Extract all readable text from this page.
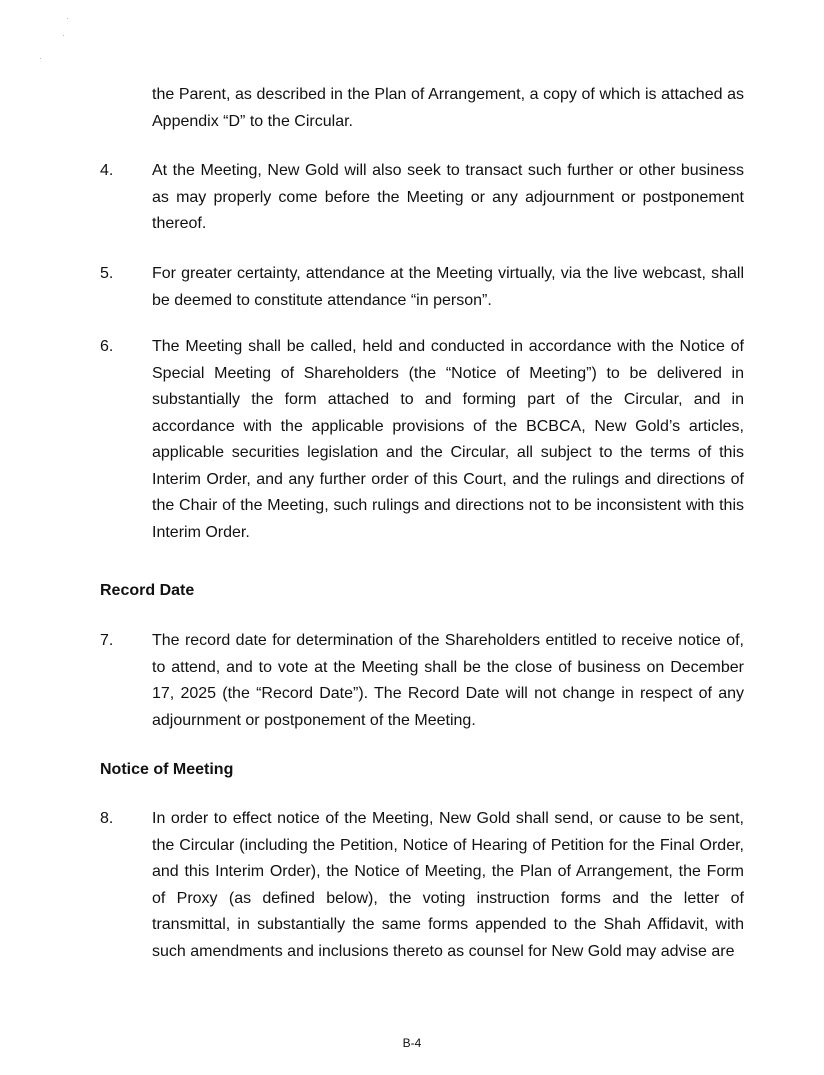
the Parent, as described in the Plan of Arrangement, a copy of which is attached as Appendix “D” to the Circular.
4.	At the Meeting, New Gold will also seek to transact such further or other business as may properly come before the Meeting or any adjournment or postponement thereof.
5.	For greater certainty, attendance at the Meeting virtually, via the live webcast, shall be deemed to constitute attendance “in person”.
6.	The Meeting shall be called, held and conducted in accordance with the Notice of Special Meeting of Shareholders (the “Notice of Meeting”) to be delivered in substantially the form attached to and forming part of the Circular, and in accordance with the applicable provisions of the BCBCA, New Gold’s articles, applicable securities legislation and the Circular, all subject to the terms of this Interim Order, and any further order of this Court, and the rulings and directions of the Chair of the Meeting, such rulings and directions not to be inconsistent with this Interim Order.
Record Date
7.	The record date for determination of the Shareholders entitled to receive notice of, to attend, and to vote at the Meeting shall be the close of business on December 17, 2025 (the “Record Date”). The Record Date will not change in respect of any adjournment or postponement of the Meeting.
Notice of Meeting
8.	In order to effect notice of the Meeting, New Gold shall send, or cause to be sent, the Circular (including the Petition, Notice of Hearing of Petition for the Final Order, and this Interim Order), the Notice of Meeting, the Plan of Arrangement, the Form of Proxy (as defined below), the voting instruction forms and the letter of transmittal, in substantially the same forms appended to the Shah Affidavit, with such amendments and inclusions thereto as counsel for New Gold may advise are
B-4
